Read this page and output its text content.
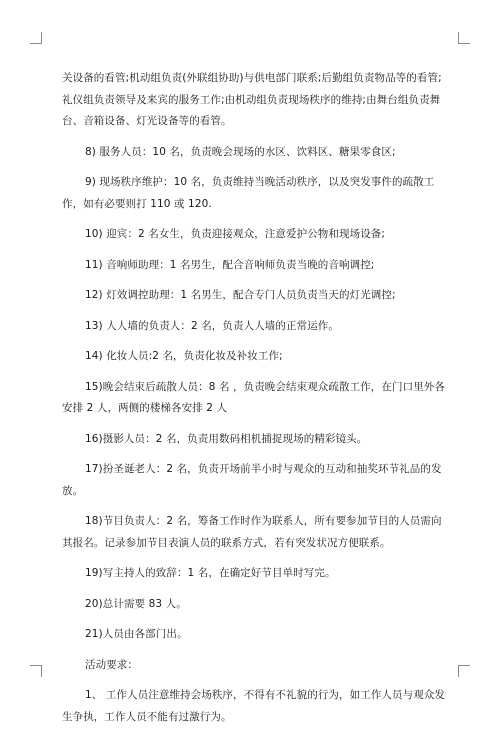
关设备的看管;机动组负责(外联组协助)与供电部门联系;后勤组负责物品等的看管;礼仪组负责领导及来宾的服务工作;由机动组负责现场秩序的维持;由舞台组负责舞台、音箱设备、灯光设备等的看管。

8) 服务人员：10 名，负责晚会现场的水区、饮料区、糖果零食区;

9) 现场秩序维护：10 名，负责维持当晚活动秩序，以及突发事件的疏散工作，如有必要则打 110 或 120.

10) 迎宾：2 名女生，负责迎接观众，注意爱护公物和现场设备;

11) 音响师助理：1 名男生，配合音响师负责当晚的音响调控;

12) 灯效调控助理：1 名男生，配合专门人员负责当天的灯光调控;

13) 人人墙的负责人：2 名，负责人人墙的正常运作。

14) 化妆人员:2 名，负责化妆及补妆工作;

15)晚会结束后疏散人员：8 名 ，负责晚会结束观众疏散工作，在门口里外各安排 2 人，两侧的楼梯各安排 2 人

16)摄影人员：2 名，负责用数码相机捕捉现场的精彩镜头。

17)扮圣诞老人：2 名，负责开场前半小时与观众的互动和抽奖环节礼品的发放。

18)节目负责人：2 名，筹备工作时作为联系人，所有要参加节目的人员需向其报名。记录参加节目表演人员的联系方式，若有突发状况方便联系。

19)写主持人的致辞：1 名，在确定好节目单时写完。

20)总计需要 83 人。

21)人员由各部门出。

活动要求：

1、 工作人员注意维持会场秩序，不得有不礼貌的行为，如工作人员与观众发生争执，工作人员不能有过激行为。
